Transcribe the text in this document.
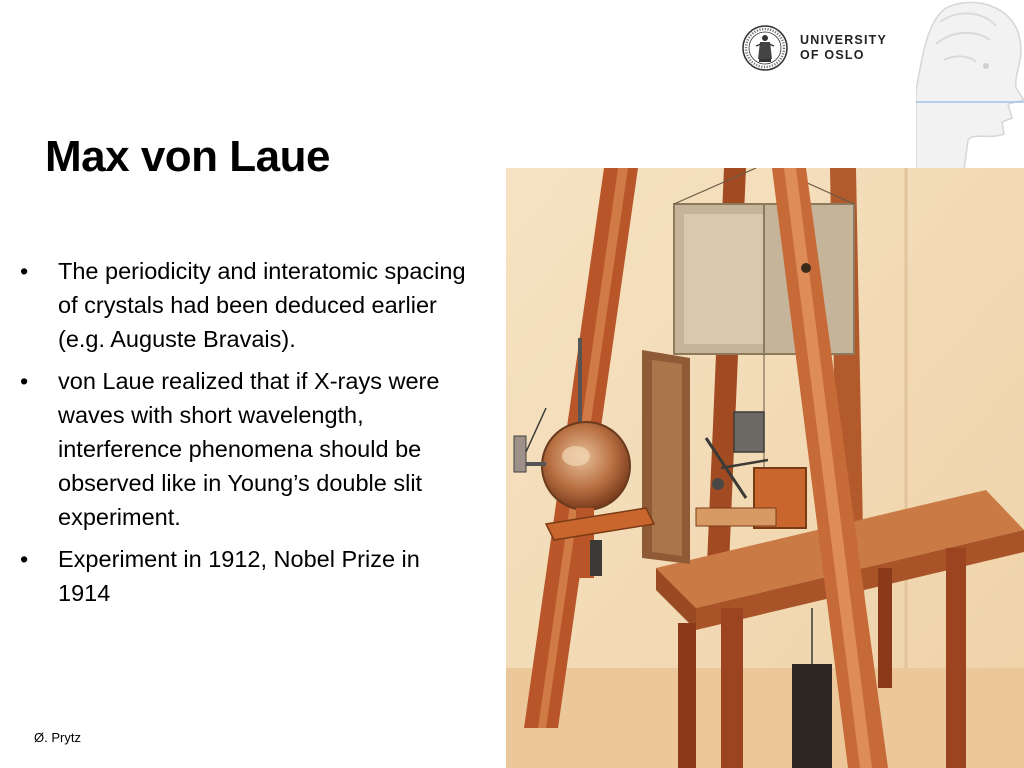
UNIVERSITY
OF OSLO
Max von Laue
• The periodicity and interatomic spacing of crystals had been deduced earlier (e.g. Auguste Bravais).
• von Laue realized that if X-rays were waves with short wavelength, interference phenomena should be observed like in Young’s double slit experiment.
• Experiment in 1912, Nobel Prize in 1914
Ø. Prytz
